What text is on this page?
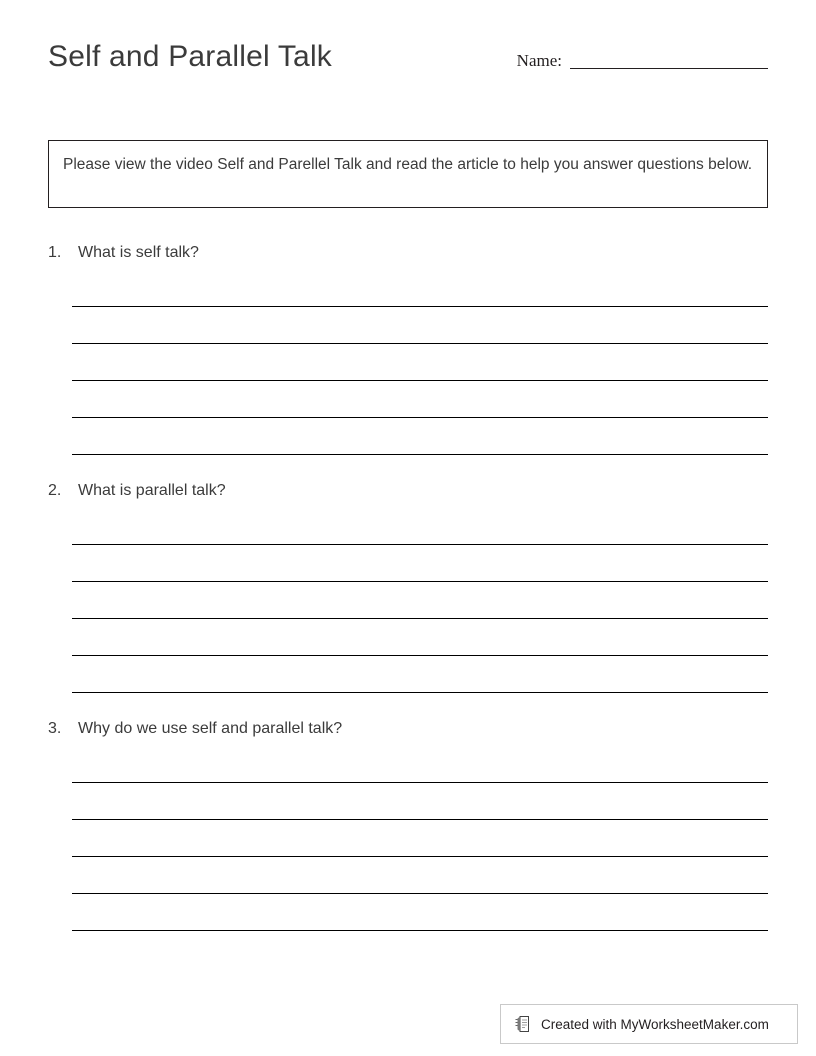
Self and Parallel Talk	Name:
Please view the video Self and Parellel Talk and read the article to help you answer questions below.
1.	What is self talk?
2.	What is parallel talk?
3.	Why do we use self and parallel talk?
Created with MyWorksheetMaker.com
